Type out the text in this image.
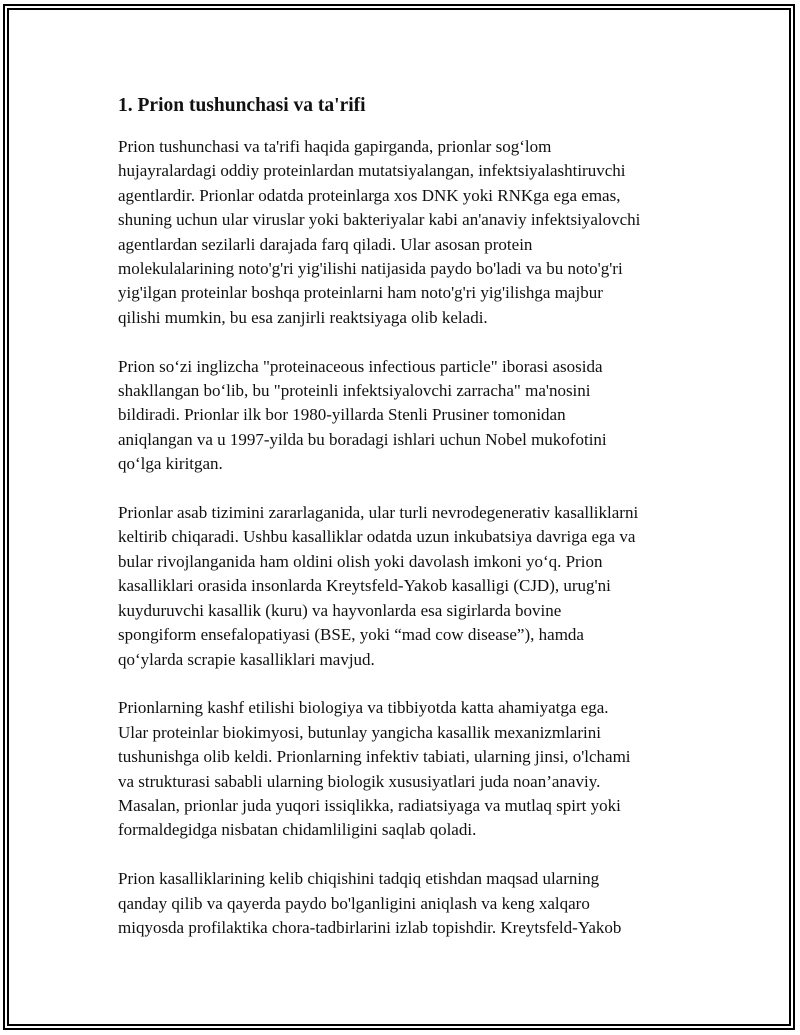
1. Prion tushunchasi va ta'rifi

Prion tushunchasi va ta'rifi haqida gapirganda, prionlar sog‘lom
hujayralardagi oddiy proteinlardan mutatsiyalangan, infektsiyalashtiruvchi
agentlardir. Prionlar odatda proteinlarga xos DNK yoki RNKga ega emas,
shuning uchun ular viruslar yoki bakteriyalar kabi an'anaviy infektsiyalovchi
agentlardan sezilarli darajada farq qiladi. Ular asosan protein
molekulalarining noto'g'ri yig'ilishi natijasida paydo bo'ladi va bu noto'g'ri
yig'ilgan proteinlar boshqa proteinlarni ham noto'g'ri yig'ilishga majbur
qilishi mumkin, bu esa zanjirli reaktsiyaga olib keladi.

Prion so‘zi inglizcha "proteinaceous infectious particle" iborasi asosida
shakllangan bo‘lib, bu "proteinli infektsiyalovchi zarracha" ma'nosini
bildiradi. Prionlar ilk bor 1980-yillarda Stenli Prusiner tomonidan
aniqlangan va u 1997-yilda bu boradagi ishlari uchun Nobel mukofotini
qo‘lga kiritgan.

Prionlar asab tizimini zararlaganida, ular turli nevrodegenerativ kasalliklarni
keltirib chiqaradi. Ushbu kasalliklar odatda uzun inkubatsiya davriga ega va
bular rivojlanganida ham oldini olish yoki davolash imkoni yo‘q. Prion
kasalliklari orasida insonlarda Kreytsfeld-Yakob kasalligi (CJD), urug'ni
kuyduruvchi kasallik (kuru) va hayvonlarda esa sigirlarda bovine
spongiform ensefalopatiyasi (BSE, yoki “mad cow disease”), hamda
qo‘ylarda scrapie kasalliklari mavjud.

Prionlarning kashf etilishi biologiya va tibbiyotda katta ahamiyatga ega.
Ular proteinlar biokimyosi, butunlay yangicha kasallik mexanizmlarini
tushunishga olib keldi. Prionlarning infektiv tabiati, ularning jinsi, o'lchami
va strukturasi sababli ularning biologik xususiyatlari juda noan’anaviy.
Masalan, prionlar juda yuqori issiqlikka, radiatsiyaga va mutlaq spirt yoki
formaldegidga nisbatan chidamliligini saqlab qoladi.

Prion kasalliklarining kelib chiqishini tadqiq etishdan maqsad ularning
qanday qilib va qayerda paydo bo'lganligini aniqlash va keng xalqaro
miqyosda profilaktika chora-tadbirlarini izlab topishdir. Kreytsfeld-Yakob
